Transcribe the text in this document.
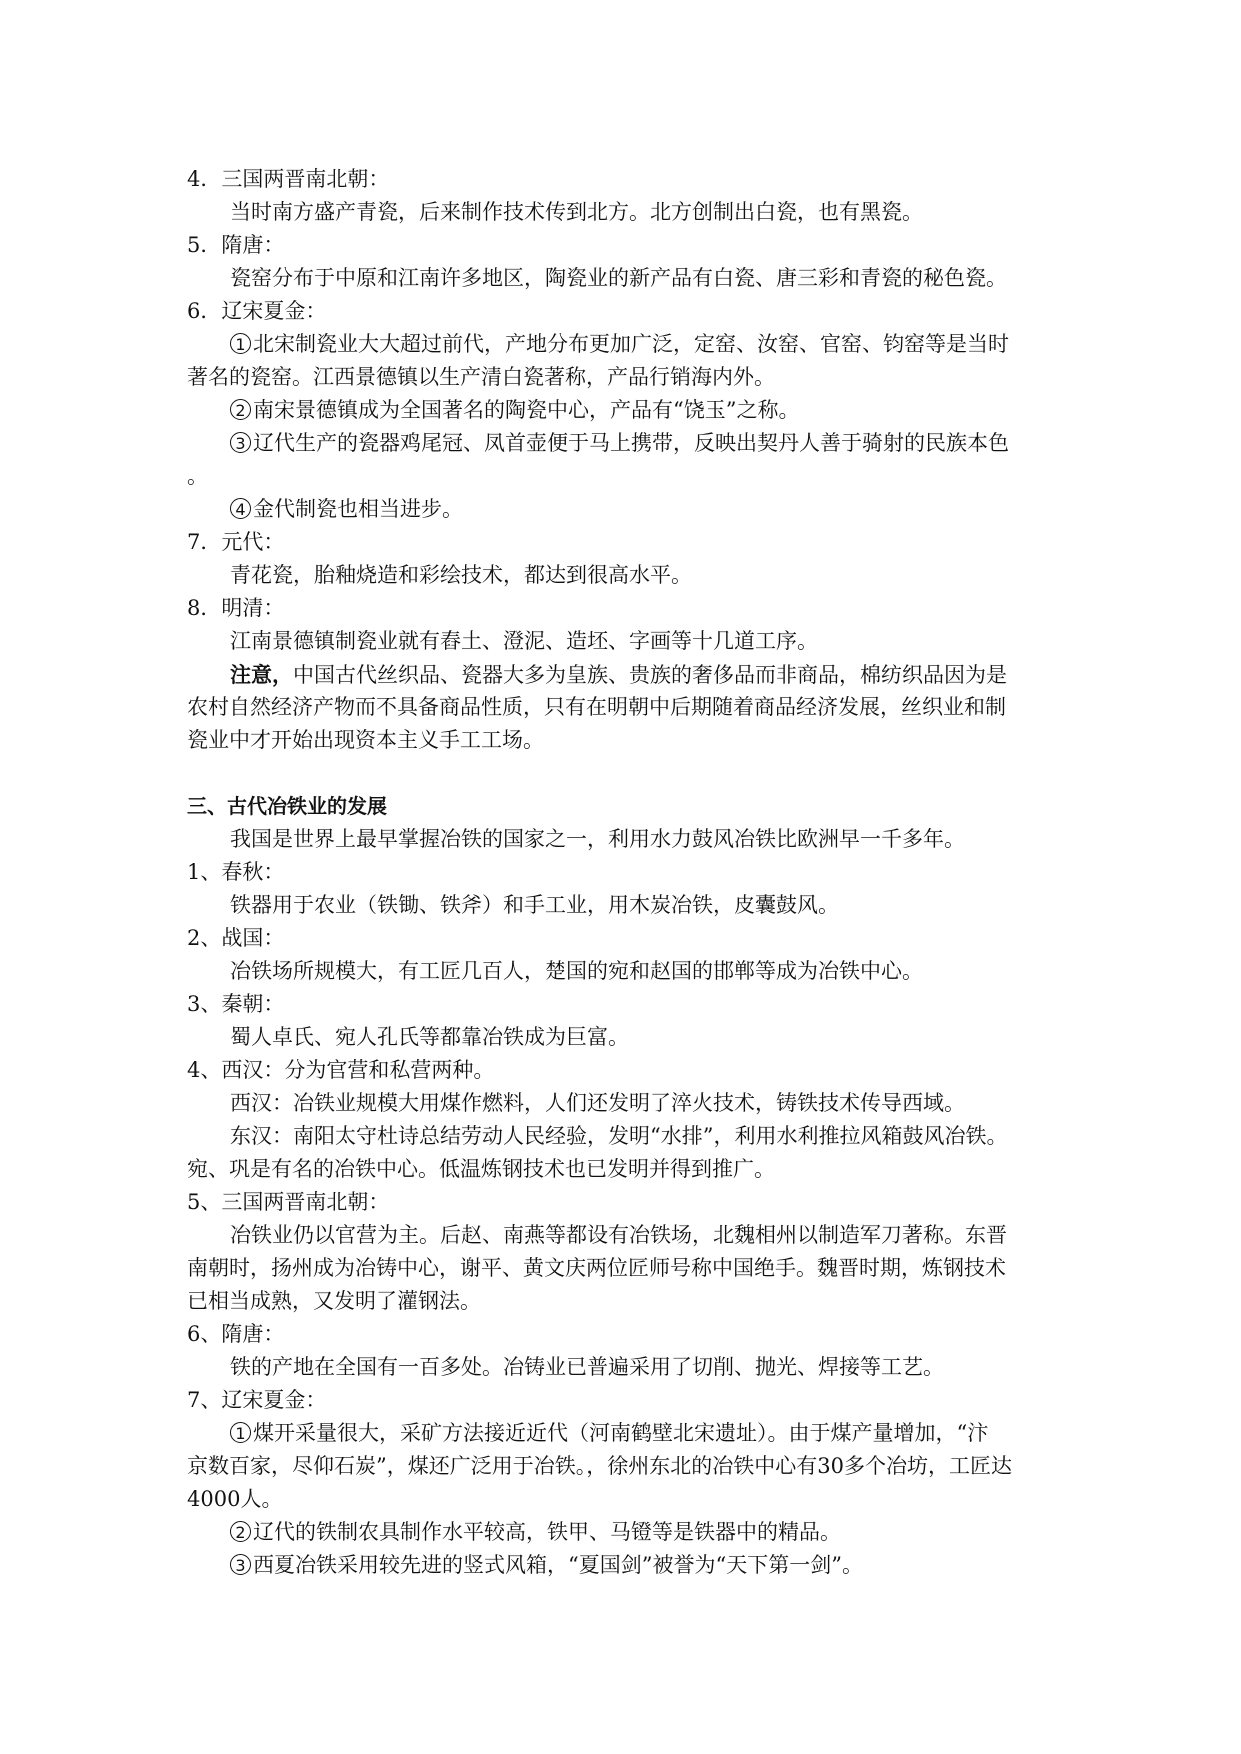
4．三国两晋南北朝：
当时南方盛产青瓷，后来制作技术传到北方。北方创制出白瓷，也有黑瓷。
5．隋唐：
瓷窑分布于中原和江南许多地区，陶瓷业的新产品有白瓷、唐三彩和青瓷的秘色瓷。
6．辽宋夏金：
1 北宋制瓷业大大超过前代，产地分布更加广泛，定窑、汝窑、官窑、钧窑等是当时
著名的瓷窑。江西景德镇以生产清白瓷著称，产品行销海内外。
2 南宋景德镇成为全国著名的陶瓷中心，产品有“饶玉”之称。
3 辽代生产的瓷器鸡尾冠、凤首壶便于马上携带，反映出契丹人善于骑射的民族本色
。
4 金代制瓷也相当进步。
7．元代：
青花瓷，胎釉烧造和彩绘技术，都达到很高水平。
8．明清：
江南景德镇制瓷业就有舂土、澄泥、造坯、字画等十几道工序。
注意，中国古代丝织品、瓷器大多为皇族、贵族的奢侈品而非商品，棉纺织品因为是
农村自然经济产物而不具备商品性质，只有在明朝中后期随着商品经济发展，丝织业和制
瓷业中才开始出现资本主义手工工场。
三、古代冶铁业的发展
我国是世界上最早掌握冶铁的国家之一，利用水力鼓风冶铁比欧洲早一千多年。
1、春秋：
铁器用于农业（铁锄、铁斧）和手工业，用木炭冶铁，皮囊鼓风。
2、战国：
冶铁场所规模大，有工匠几百人，楚国的宛和赵国的邯郸等成为冶铁中心。
3、秦朝：
蜀人卓氏、宛人孔氏等都靠冶铁成为巨富。
4、西汉：分为官营和私营两种。
西汉：冶铁业规模大用煤作燃料，人们还发明了淬火技术，铸铁技术传导西域。
东汉：南阳太守杜诗总结劳动人民经验，发明“水排”，利用水利推拉风箱鼓风冶铁。
宛、巩是有名的冶铁中心。低温炼钢技术也已发明并得到推广。
5、三国两晋南北朝：
冶铁业仍以官营为主。后赵、南燕等都设有冶铁场，北魏相州以制造军刀著称。东晋
南朝时，扬州成为冶铸中心，谢平、黄文庆两位匠师号称中国绝手。魏晋时期，炼钢技术
已相当成熟，又发明了灌钢法。
6、隋唐：
铁的产地在全国有一百多处。冶铸业已普遍采用了切削、抛光、焊接等工艺。
7、辽宋夏金：
1 煤开采量很大，采矿方法接近近代（河南鹤壁北宋遗址）。由于煤产量增加，“汴
京数百家，尽仰石炭”，煤还广泛用于冶铁。，徐州东北的冶铁中心有30多个冶坊，工匠达
4000人。
2 辽代的铁制农具制作水平较高，铁甲、马镫等是铁器中的精品。
3 西夏冶铁采用较先进的竖式风箱，“夏国剑”被誉为“天下第一剑”。
